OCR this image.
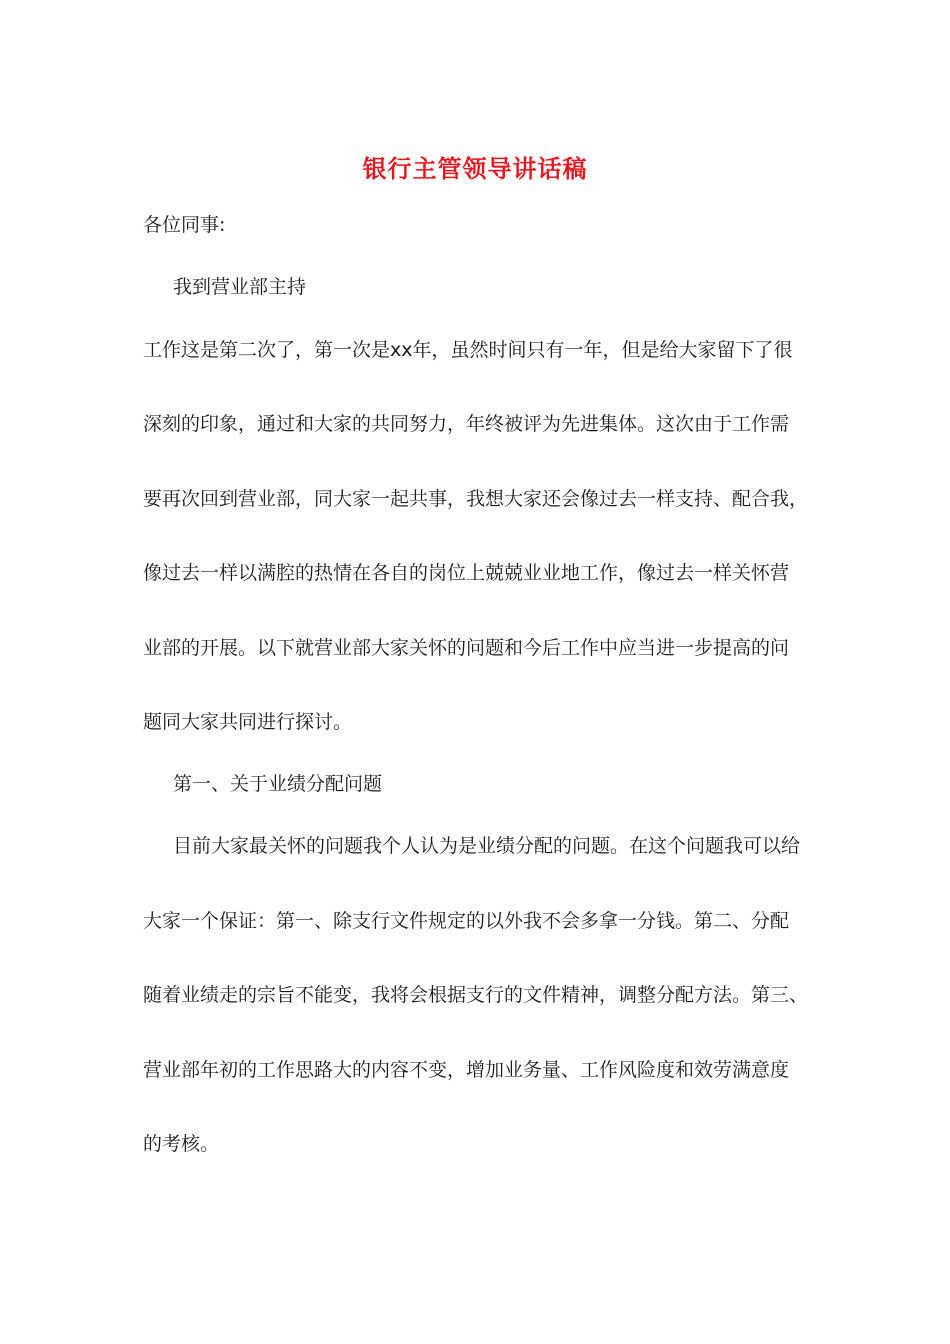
银行主管领导讲话稿

各位同事:

我到营业部主持

工作这是第二次了，第一次是xx年，虽然时间只有一年，但是给大家留下了很

深刻的印象，通过和大家的共同努力，年终被评为先进集体。这次由于工作需

要再次回到营业部，同大家一起共事，我想大家还会像过去一样支持、配合我，

像过去一样以满腔的热情在各自的岗位上兢兢业业地工作，像过去一样关怀营

业部的开展。以下就营业部大家关怀的问题和今后工作中应当进一步提高的问

题同大家共同进行探讨。

第一、关于业绩分配问题

目前大家最关怀的问题我个人认为是业绩分配的问题。在这个问题我可以给

大家一个保证：第一、除支行文件规定的以外我不会多拿一分钱。第二、分配

随着业绩走的宗旨不能变，我将会根据支行的文件精神，调整分配方法。第三、

营业部年初的工作思路大的内容不变，增加业务量、工作风险度和效劳满意度

的考核。
